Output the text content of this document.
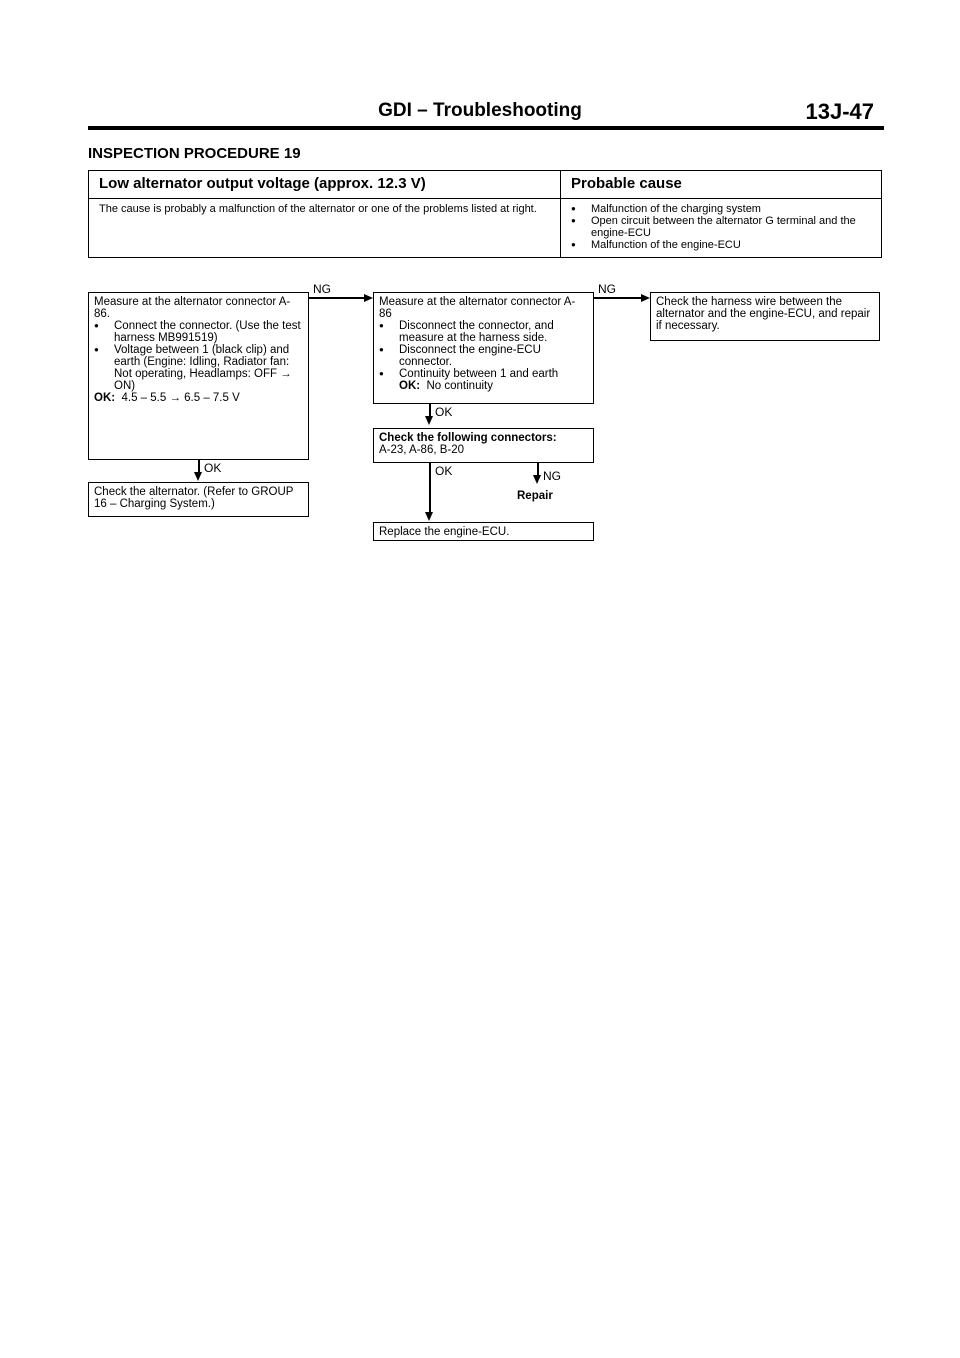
GDI – Troubleshooting	13J-47
INSPECTION PROCEDURE 19
Low alternator output voltage (approx. 12.3 V)	Probable cause
The cause is probably a malfunction of the alternator or one of the problems listed at right.
●	Malfunction of the charging system
● Open circuit between the alternator G terminal and the engine-ECU
● Malfunction of the engine-ECU

Measure at the alternator connector A-86.

● Connect the connector. (Use the test harness MB991519)

● Voltage between 1 (black clip) and earth (Engine: Idling, Radiator fan: Not operating, Headlamps: OFF → ON)

OK: 4.5 – 5.5 → 6.5 – 7.5 V

NG
OK
Check the alternator. (Refer to GROUP 16 – Charging System.)

Measure at the alternator connector A-86

● Disconnect the connector, and measure at the harness side.

● Disconnect the engine-ECU connector.

● Continuity between 1 and earth

OK: No continuity

NG
Check the harness wire between the alternator and the engine-ECU, and repair if necessary.
OK

Check the following connectors:

A-23, A-86, B-20

OK	NG
Repair
Replace the engine-ECU.
